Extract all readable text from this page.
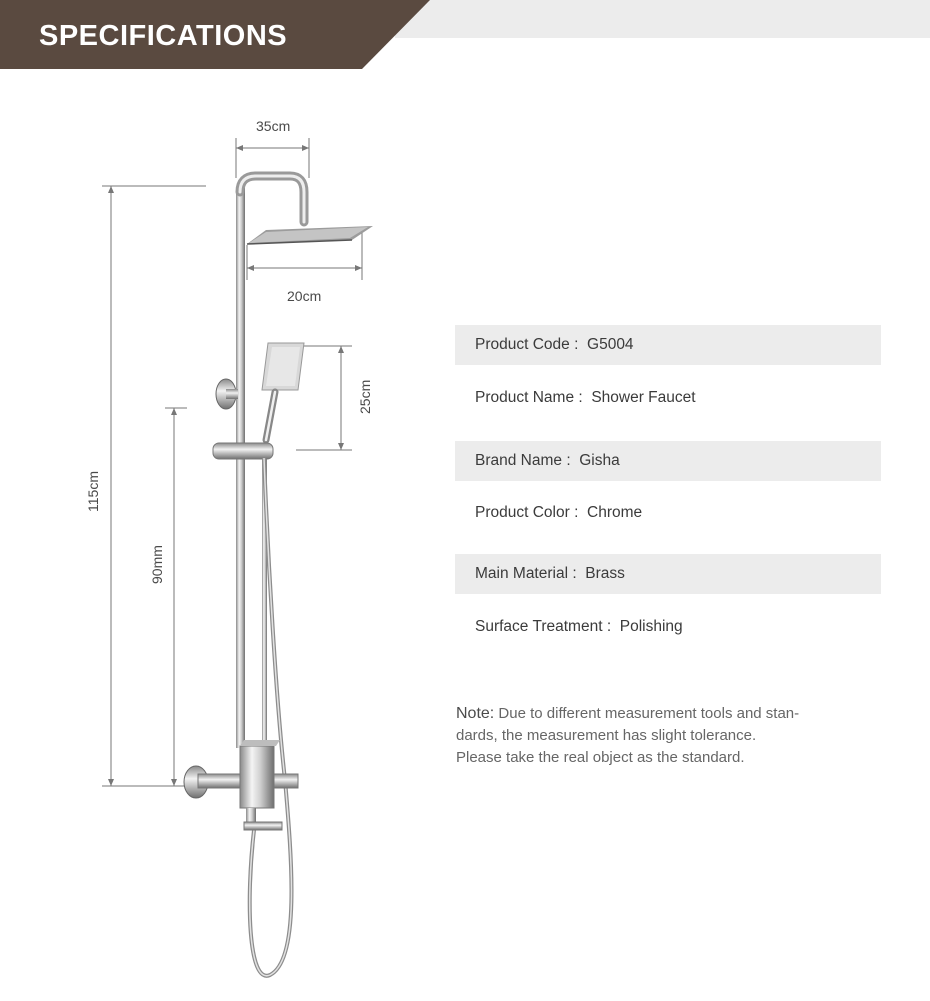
SPECIFICATIONS
35cm
20cm
25cm
115cm
90mm
Product Code :  G5004
Product Name :  Shower Faucet
Brand Name :  Gisha
Product Color :  Chrome
Main Material :  Brass
Surface Treatment :  Polishing
Note: Due to different measurement tools and stan-
dards, the measurement has slight tolerance.
Please take the real object as the standard.
